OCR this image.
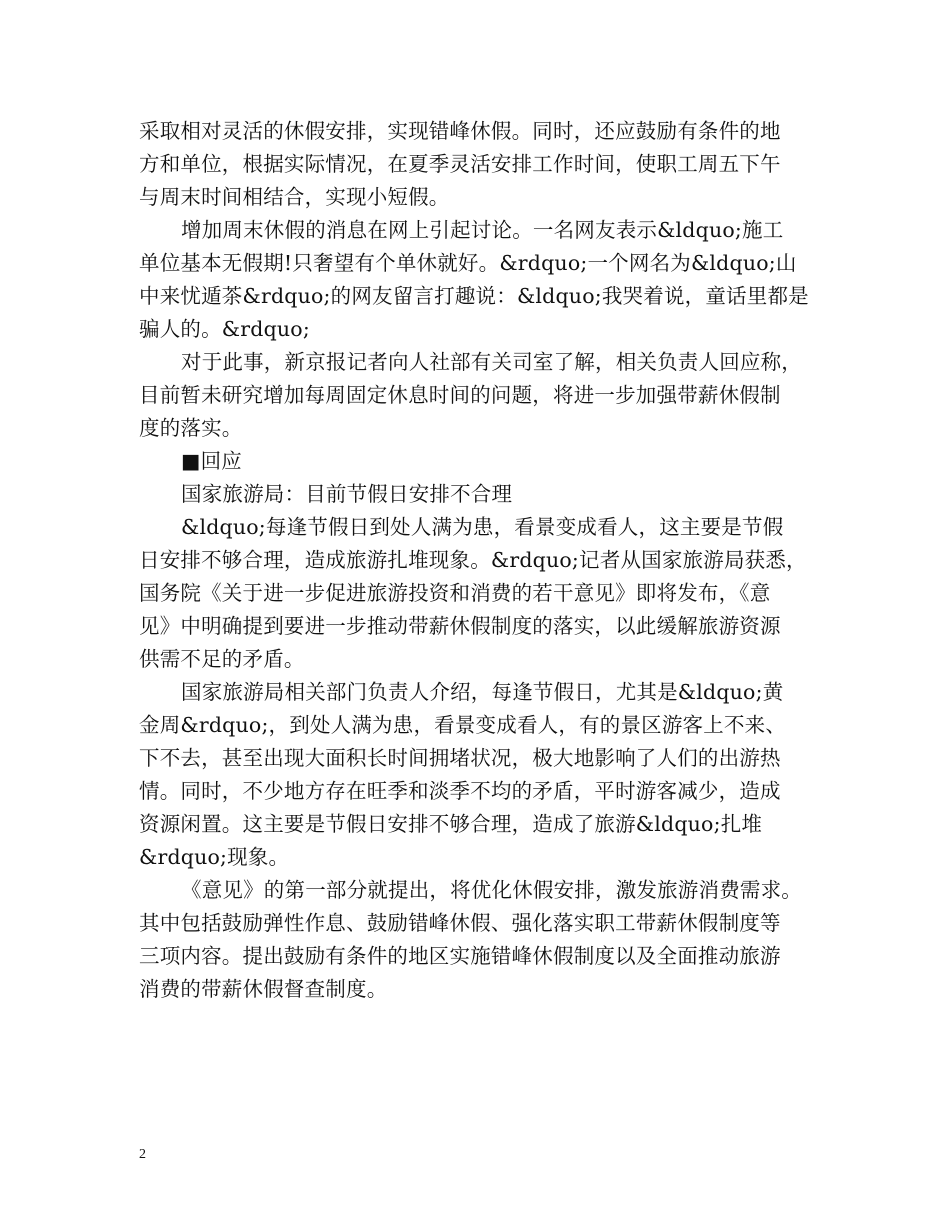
采取相对灵活的休假安排，实现错峰休假。同时，还应鼓励有条件的地
方和单位，根据实际情况，在夏季灵活安排工作时间，使职工周五下午
与周末时间相结合，实现小短假。
增加周末休假的消息在网上引起讨论。一名网友表示&ldquo;施工
单位基本无假期!只奢望有个单休就好。&rdquo;一个网名为&ldquo;山
中来忧遁茶&rdquo;的网友留言打趣说：&ldquo;我哭着说，童话里都是
骗人的。&rdquo;
对于此事，新京报记者向人社部有关司室了解，相关负责人回应称，
目前暂未研究增加每周固定休息时间的问题，将进一步加强带薪休假制
度的落实。
■回应
国家旅游局：目前节假日安排不合理
&ldquo;每逢节假日到处人满为患，看景变成看人，这主要是节假
日安排不够合理，造成旅游扎堆现象。&rdquo;记者从国家旅游局获悉，
国务院《关于进一步促进旅游投资和消费的若干意见》即将发布，《意
见》中明确提到要进一步推动带薪休假制度的落实，以此缓解旅游资源
供需不足的矛盾。
国家旅游局相关部门负责人介绍，每逢节假日，尤其是&ldquo;黄
金周&rdquo;，到处人满为患，看景变成看人，有的景区游客上不来、
下不去，甚至出现大面积长时间拥堵状况，极大地影响了人们的出游热
情。同时，不少地方存在旺季和淡季不均的矛盾，平时游客减少，造成
资源闲置。这主要是节假日安排不够合理，造成了旅游&ldquo;扎堆
&rdquo;现象。
《意见》的第一部分就提出，将优化休假安排，激发旅游消费需求。
其中包括鼓励弹性作息、鼓励错峰休假、强化落实职工带薪休假制度等
三项内容。提出鼓励有条件的地区实施错峰休假制度以及全面推动旅游
消费的带薪休假督查制度。
2
